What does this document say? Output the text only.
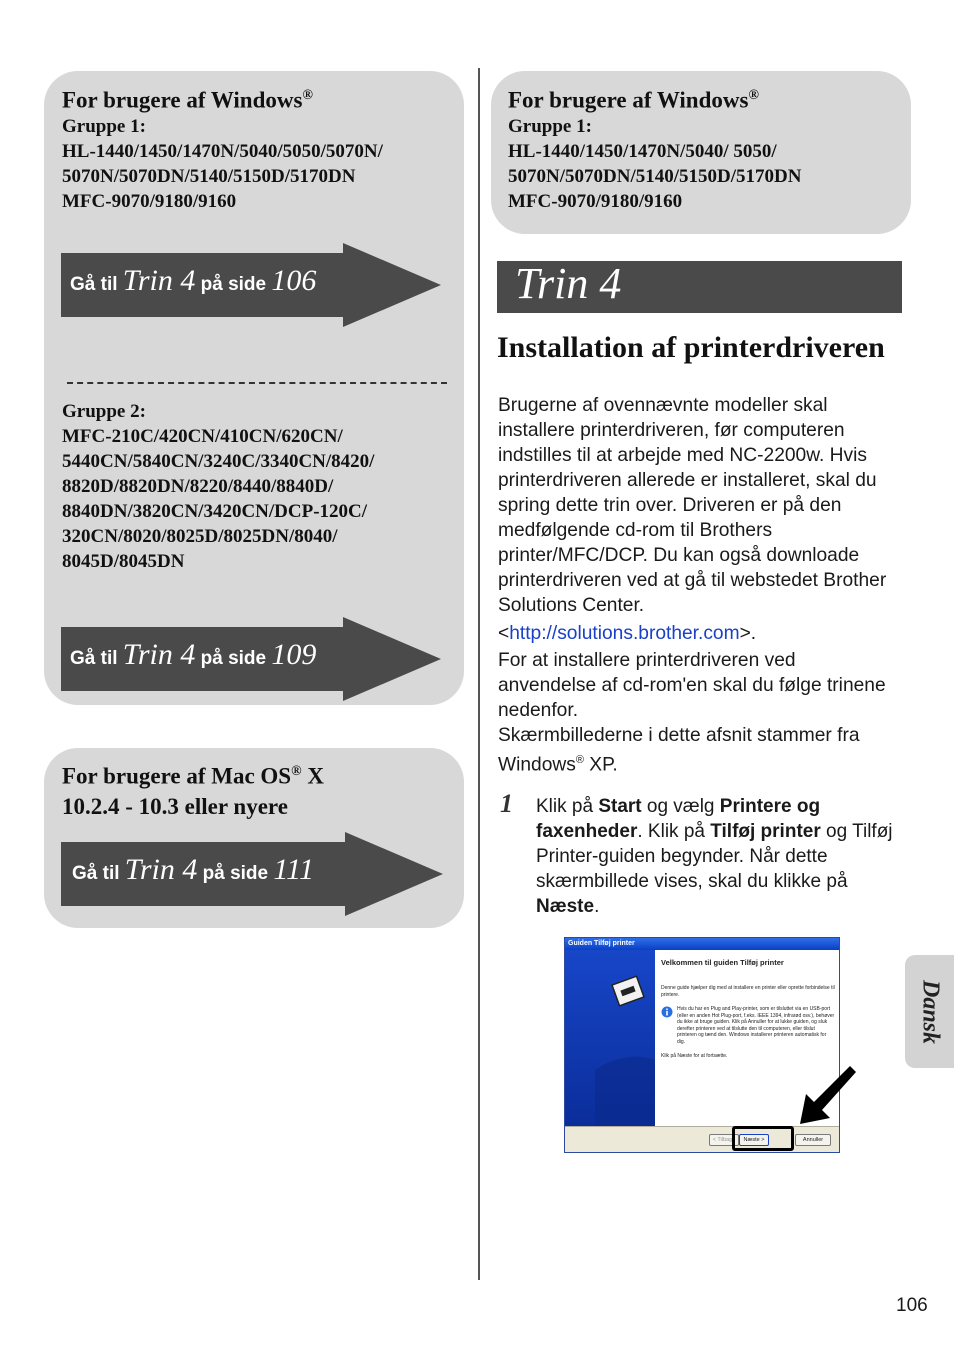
For brugere af Windows®
Gruppe 1:
HL-1440/1450/1470N/5040/5050/5070N/
5070N/5070DN/5140/5150D/5170DN
MFC-9070/9180/9160
Gruppe 2:
MFC-210C/420CN/410CN/620CN/
5440CN/5840CN/3240C/3340CN/8420/
8820D/8820DN/8220/8440/8840D/
8840DN/3820CN/3420CN/DCP-120C/
320CN/8020/8025D/8025DN/8040/
8045D/8045DN
Gå til Trin 4 på side 106
Gå til Trin 4 på side 109
For brugere af Mac OS® X
10.2.4 - 10.3 eller nyere
Gå til Trin 4 på side 111
For brugere af Windows®
Gruppe 1:
HL-1440/1450/1470N/5040/ 5050/
5070N/5070DN/5140/5150D/5170DN
MFC-9070/9180/9160
Trin 4
Installation af printerdriveren
Brugerne af ovennævnte modeller skal
installere printerdriveren, før computeren
indstilles til at arbejde med NC-2200w. Hvis
printerdriveren allerede er installeret, skal du
spring dette trin over. Driveren er på den
medfølgende cd-rom til Brothers
printer/MFC/DCP. Du kan også downloade
printerdriveren ved at gå til webstedet Brother
Solutions Center.
<http://solutions.brother.com>.
For at installere printerdriveren ved
anvendelse af cd-rom'en skal du følge trinene
nedenfor.
Skærmbillederne i dette afsnit stammer fra
Windows® XP.
1 Klik på Start og vælg Printere og faxenheder. Klik på Tilføj printer og Tilføj Printer-guiden begynder. Når dette skærmbillede vises, skal du klikke på Næste.
Guiden Tilføj printer
Velkommen til guiden Tilføj printer

Denne guide hjælper dig med at installere en printer eller oprette forbindelse til printere.

Hvis du har en Plug and Play-printer, som er tilsluttet via en USB-port (eller en anden Hot Plug-port, f.eks. IEEE 1394, infrarød osv.), behøver du ikke at bruge guiden. Klik på Annuller for at lukke guiden, og sluk derefter printeren ved at tilslutte den til computeren, eller tilslut printeren og tænd den. Windows installerer printeren automatisk for dig.

Klik på Næste for at fortsætte.

< Tilbage	Næste >	Annuller
Dansk
106
